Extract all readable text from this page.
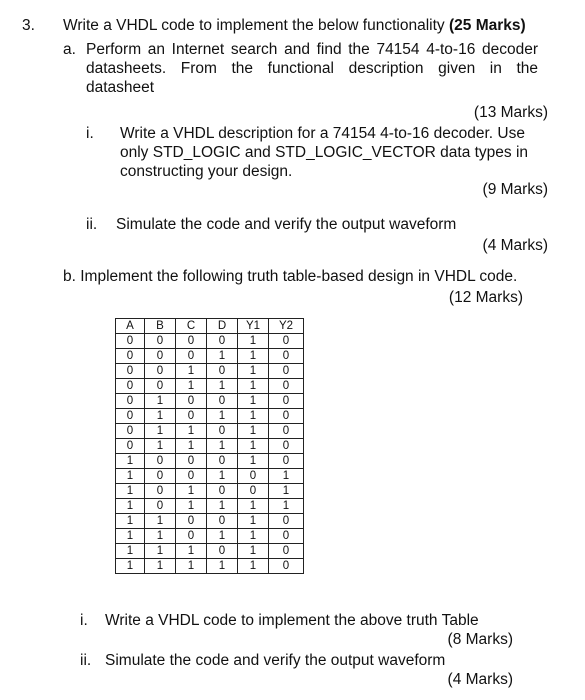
3. Write a VHDL code to implement the below functionality (25 Marks)
a. Perform an Internet search and find the 74154 4-to-16 decoder datasheets. From the functional description given in the datasheet
(13 Marks)
i. Write a VHDL description for a 74154 4-to-16 decoder. Use only STD_LOGIC and STD_LOGIC_VECTOR data types in constructing your design.
(9 Marks)
ii. Simulate the code and verify the output waveform
(4 Marks)
b. Implement the following truth table-based design in VHDL code.
(12 Marks)
A	B	C	D	Y1	Y2
0	0	0	0	1	0
0	0	0	1	1	0
0	0	1	0	1	0
0	0	1	1	1	0
0	1	0	0	1	0
0	1	0	1	1	0
0	1	1	0	1	0
0	1	1	1	1	0
1	0	0	0	1	0
1	0	0	1	0	1
1	0	1	0	0	1
1	0	1	1	1	1
1	1	0	0	1	0
1	1	0	1	1	0
1	1	1	0	1	0
1	1	1	1	1	0
i. Write a VHDL code to implement the above truth Table
(8 Marks)
ii. Simulate the code and verify the output waveform
(4 Marks)
